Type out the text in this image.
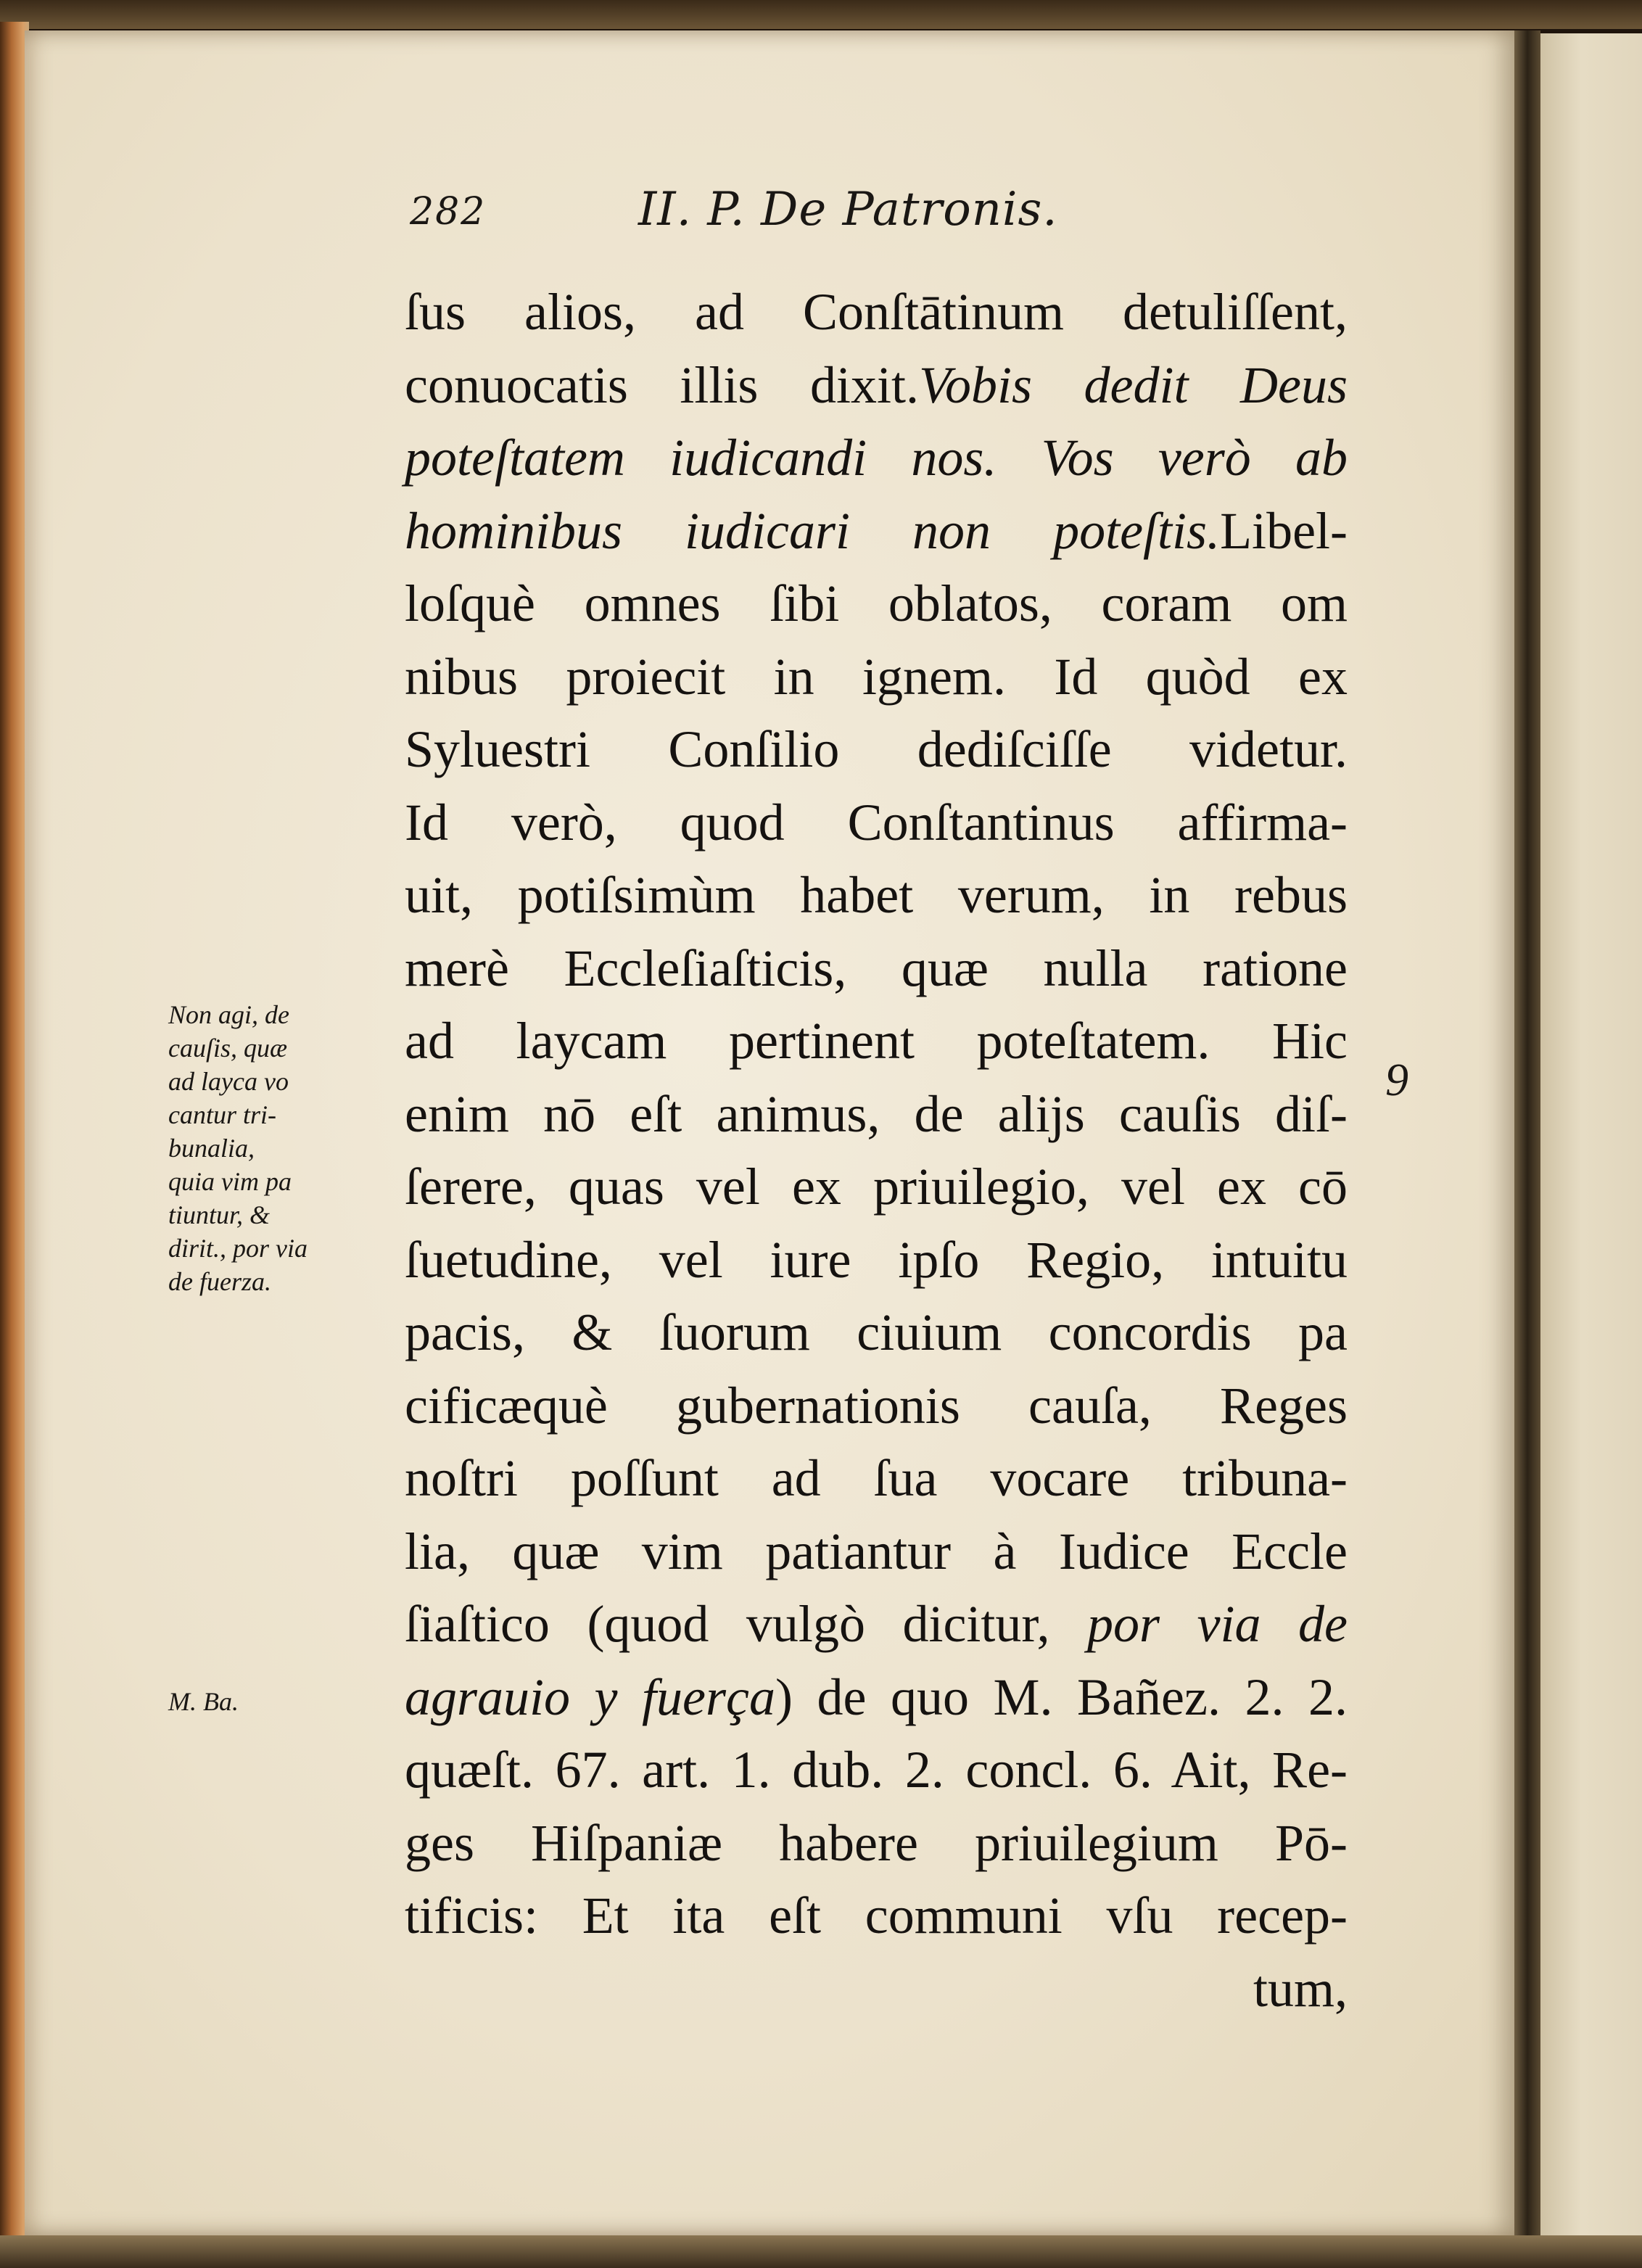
282	II. P. De Patronis.
ſus alios, ad Conſtātinum detuliſſent,
conuocatis illis dixit.Vobis dedit Deus
poteſtatem iudicandi nos. Vos verò ab
hominibus iudicari non poteſtis.Libel-
loſquè omnes ſibi oblatos, coram om
nibus proiecit in ignem. Id quòd ex
Syluestri Conſilio dediſciſſe videtur.
Id verò, quod Conſtantinus affirma-
uit, potiſsimùm habet verum, in rebus
merè Eccleſiaſticis, quæ nulla ratione
ad laycam pertinent poteſtatem. Hic
enim nō eſt animus, de alijs cauſis diſ-
ſerere, quas vel ex priuilegio, vel ex cō
ſuetudine, vel iure ipſo Regio, intuitu
pacis, & ſuorum ciuium concordis pa
cificæquè gubernationis cauſa, Reges
noſtri poſſunt ad ſua vocare tribuna-
lia, quæ vim patiantur à Iudice Eccle
ſiaſtico (quod vulgò dicitur, por via de
agrauio y fuerça) de quo M. Bañez. 2. 2.
quæſt. 67. art. 1. dub. 2. concl. 6. Ait, Re-
ges Hiſpaniæ habere priuilegium Pō-
tificis: Et ita eſt communi vſu recep-
tum,
Non agi, de
cauſis, quæ
ad layca vo
cantur tri-
bunalia,
quia vim pa
tiuntur, &
dirit., por via
de fuerza.
M. Ba.
9
